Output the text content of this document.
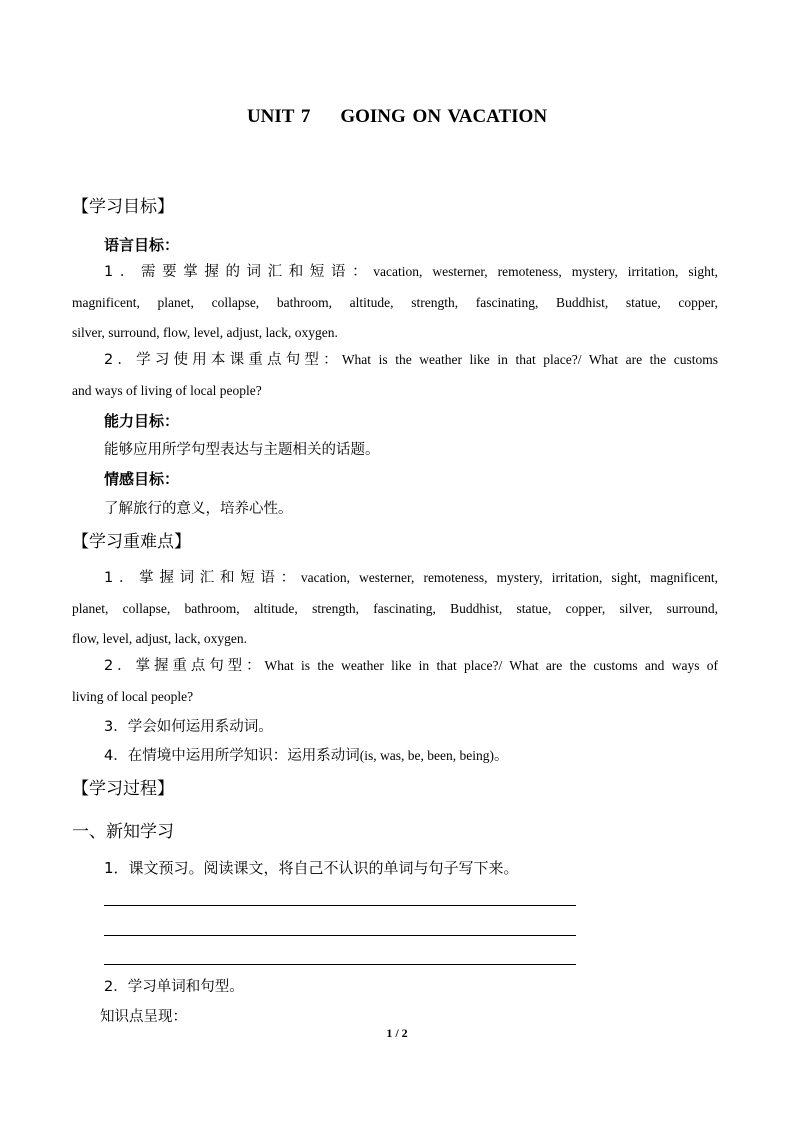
UNIT 7 GOING ON VACATION
【学习目标】
语言目标：
1．需要掌握的词汇和短语：vacation, westerner, remoteness, mystery, irritation, sight,
magnificent, planet, collapse, bathroom, altitude, strength, fascinating, Buddhist, statue, copper,
silver, surround, flow, level, adjust, lack, oxygen.
2．学习使用本课重点句型：What is the weather like in that place?/ What are the customs
and ways of living of local people?
能力目标：
能够应用所学句型表达与主题相关的话题。
情感目标：
了解旅行的意义，培养心性。
【学习重难点】
1．掌握词汇和短语：vacation, westerner, remoteness, mystery, irritation, sight, magnificent,
planet, collapse, bathroom, altitude, strength, fascinating, Buddhist, statue, copper, silver, surround,
flow, level, adjust, lack, oxygen.
2．掌握重点句型：What is the weather like in that place?/ What are the customs and ways of
living of local people?
3．学会如何运用系动词。
4．在情境中运用所学知识：运用系动词(is, was, be, been, being)。
【学习过程】
一、新知学习
1．课文预习。阅读课文，将自己不认识的单词与句子写下来。
2．学习单词和句型。
知识点呈现：
1 / 2
